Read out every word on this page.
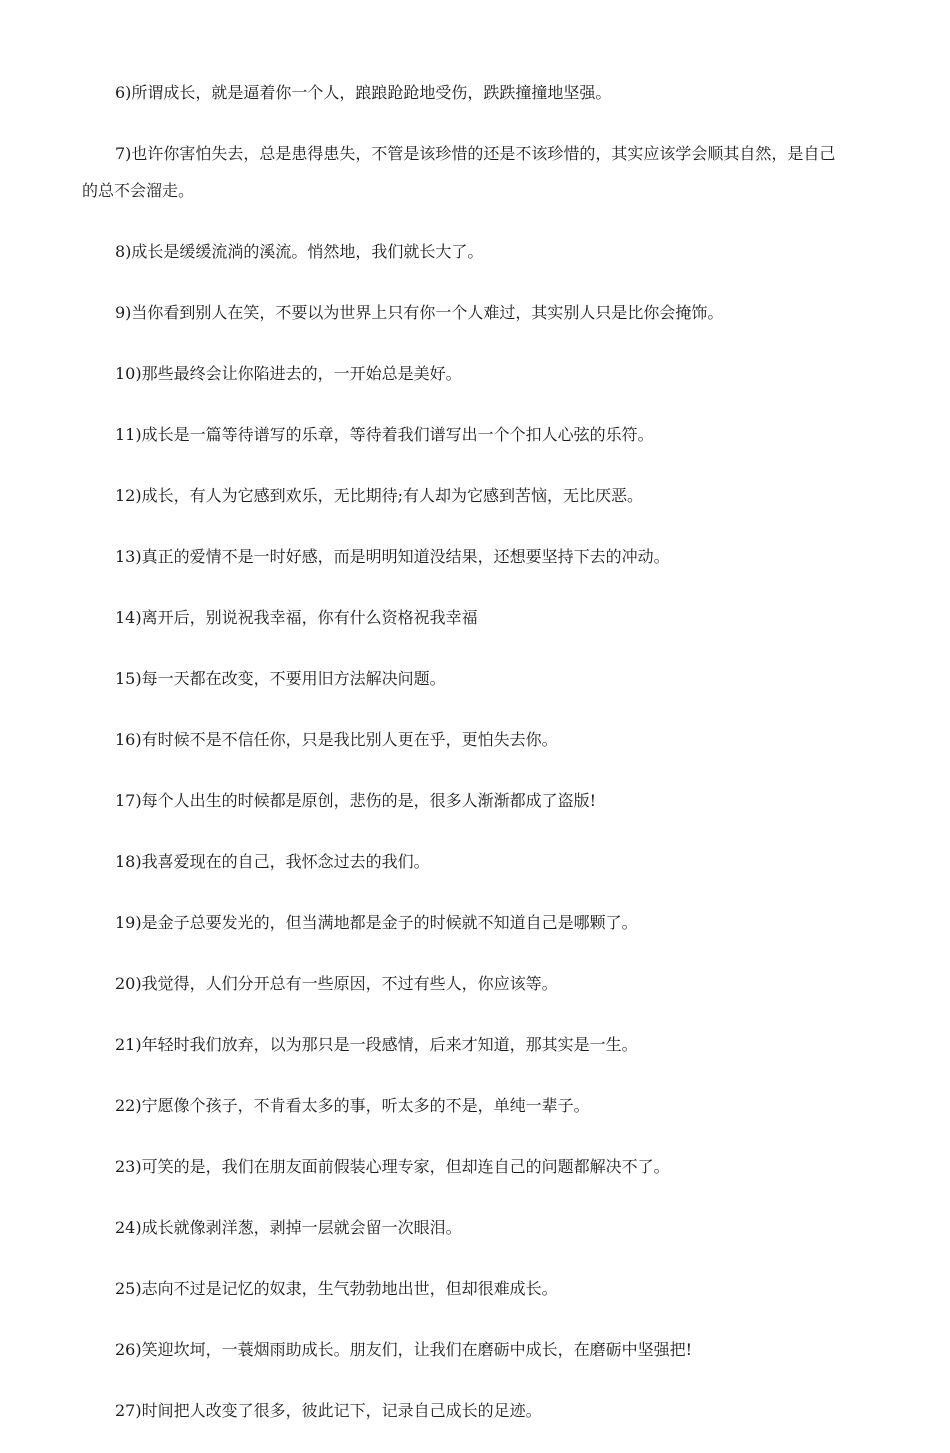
6)所谓成长，就是逼着你一个人，踉踉跄跄地受伤，跌跌撞撞地坚强。

7)也许你害怕失去，总是患得患失，不管是该珍惜的还是不该珍惜的，其实应该学会顺其自然，是自己的总不会溜走。

8)成长是缓缓流淌的溪流。悄然地，我们就长大了。

9)当你看到别人在笑，不要以为世界上只有你一个人难过，其实别人只是比你会掩饰。

10)那些最终会让你陷进去的，一开始总是美好。

11)成长是一篇等待谱写的乐章，等待着我们谱写出一个个扣人心弦的乐符。

12)成长，有人为它感到欢乐，无比期待;有人却为它感到苦恼，无比厌恶。

13)真正的爱情不是一时好感，而是明明知道没结果，还想要坚持下去的冲动。

14)离开后，别说祝我幸福，你有什么资格祝我幸福

15)每一天都在改变，不要用旧方法解决问题。

16)有时候不是不信任你，只是我比别人更在乎，更怕失去你。

17)每个人出生的时候都是原创，悲伤的是，很多人渐渐都成了盗版!

18)我喜爱现在的自己，我怀念过去的我们。

19)是金子总要发光的，但当满地都是金子的时候就不知道自己是哪颗了。

20)我觉得，人们分开总有一些原因，不过有些人，你应该等。

21)年轻时我们放弃，以为那只是一段感情，后来才知道，那其实是一生。

22)宁愿像个孩子，不肯看太多的事，听太多的不是，单纯一辈子。

23)可笑的是，我们在朋友面前假装心理专家，但却连自己的问题都解决不了。

24)成长就像剥洋葱，剥掉一层就会留一次眼泪。

25)志向不过是记忆的奴隶，生气勃勃地出世，但却很难成长。

26)笑迎坎坷，一蓑烟雨助成长。朋友们，让我们在磨砺中成长，在磨砺中坚强把!

27)时间把人改变了很多，彼此记下，记录自己成长的足迹。
